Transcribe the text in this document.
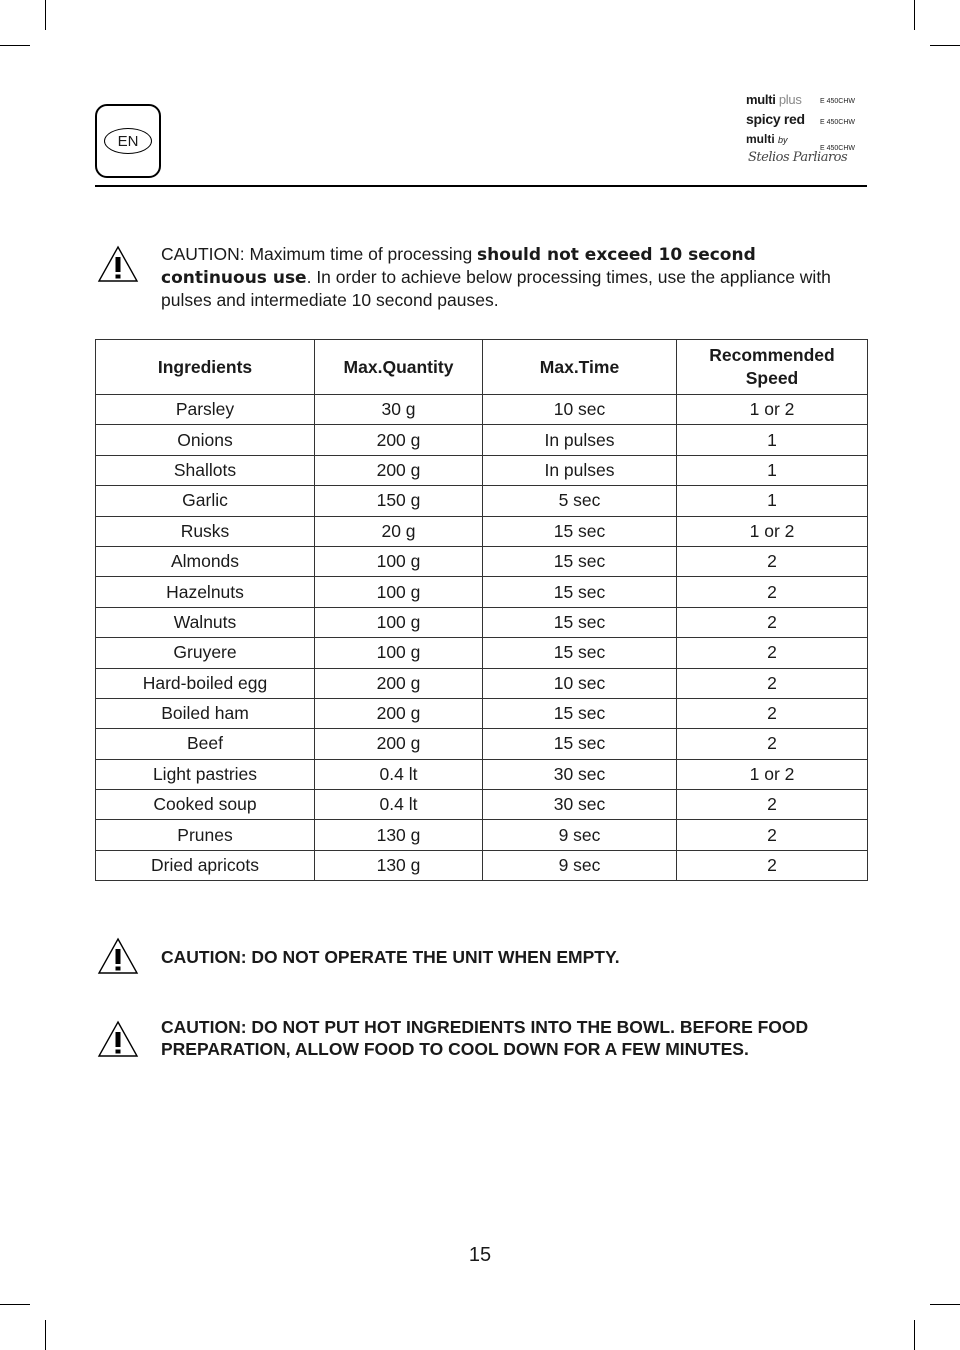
EN
multi plus	E 450CHW
spicy red E 450CHW
multi by
E 450CHW
Stelios Parliaros
CAUTION: Maximum time of processing should not exceed 10 second continuous use. In order to achieve below processing times, use the appliance with pulses and intermediate 10 second pauses.
Ingredients	Max.Quantity	Max.Time	Recommended Speed
Parsley	30 g	10 sec	1 or 2
Onions	200 g	In pulses	1
Shallots	200 g	In pulses	1
Garlic	150 g	5 sec	1
Rusks	20 g	15 sec	1 or 2
Almonds	100 g	15 sec	2
Hazelnuts	100 g	15 sec	2
Walnuts	100 g	15 sec	2
Gruyere	100 g	15 sec	2
Hard-boiled egg	200 g	10 sec	2
Boiled ham	200 g	15 sec	2
Beef	200 g	15 sec	2
Light pastries	0.4 lt	30 sec	1 or 2
Cooked soup	0.4 lt	30 sec	2
Prunes	130 g	9 sec	2
Dried apricots	130 g	9 sec	2
CAUTION: DO NOT OPERATE THE UNIT WHEN EMPTY.
CAUTION: DO NOT PUT HOT INGREDIENTS INTO THE BOWL. BEFORE FOOD PREPARATION, ALLOW FOOD TO COOL DOWN FOR A FEW MINUTES.
15
